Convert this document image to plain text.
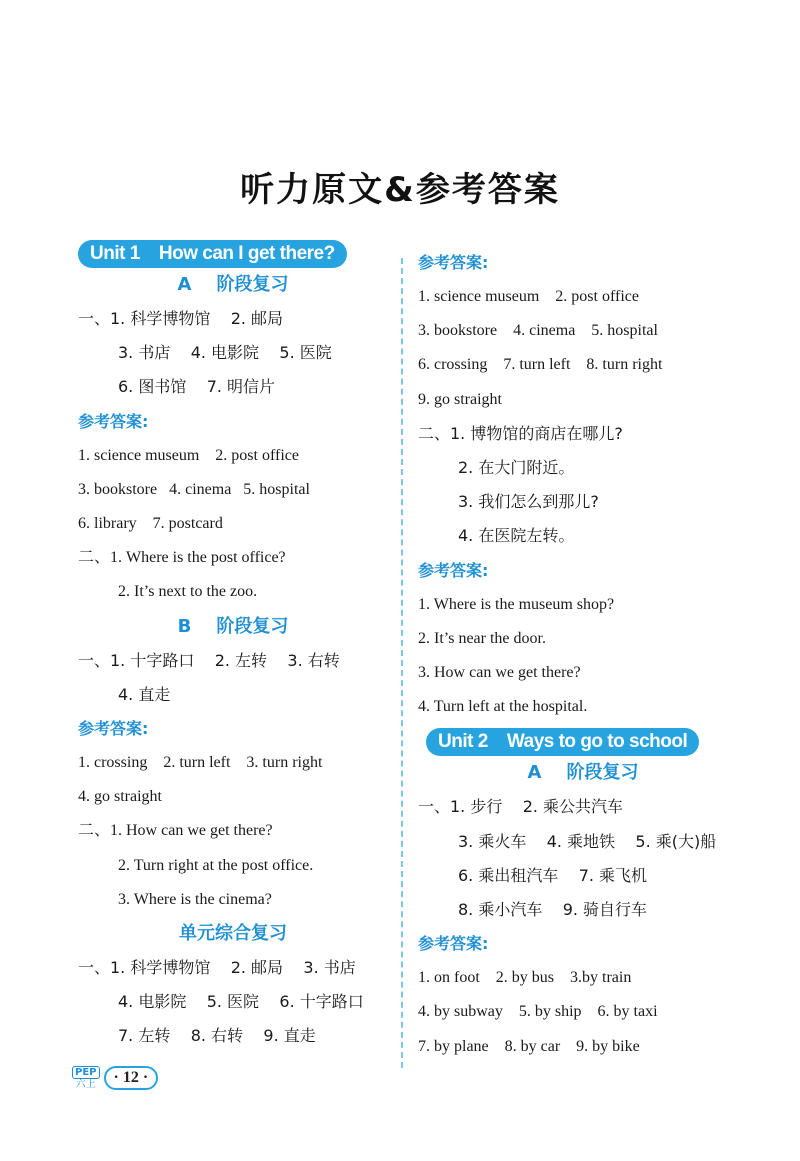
听力原文&参考答案
Unit 1    How can I get there?
A    阶段复习
一、1. 科学博物馆    2. 邮局
3. 书店    4. 电影院    5. 医院
6. 图书馆    7. 明信片
参考答案:
1. science museum    2. post office
3. bookstore   4. cinema   5. hospital
6. library    7. postcard
二、1. Where is the post office?
2. It’s next to the zoo.
B    阶段复习
一、1. 十字路口    2. 左转    3. 右转
4. 直走
参考答案:
1. crossing    2. turn left    3. turn right
4. go straight
二、1. How can we get there?
2. Turn right at the post office.
3. Where is the cinema?
单元综合复习
一、1. 科学博物馆    2. 邮局    3. 书店
4. 电影院    5. 医院    6. 十字路口
7. 左转    8. 右转    9. 直走
参考答案:
1. science museum    2. post office
3. bookstore    4. cinema    5. hospital
6. crossing    7. turn left    8. turn right
9. go straight
二、1. 博物馆的商店在哪儿?
2. 在大门附近。
3. 我们怎么到那儿?
4. 在医院左转。
参考答案:
1. Where is the museum shop?
2. It’s near the door.
3. How can we get there?
4. Turn left at the hospital.
Unit 2    Ways to go to school
A    阶段复习
一、1. 步行    2. 乘公共汽车
3. 乘火车    4. 乘地铁    5. 乘(大)船
6. 乘出租汽车    7. 乘飞机
8. 乘小汽车    9. 骑自行车
参考答案:
1. on foot    2. by bus    3.by train
4. by subway    5. by ship    6. by taxi
7. by plane    8. by car    9. by bike
PEP
六上	· 12 ·
